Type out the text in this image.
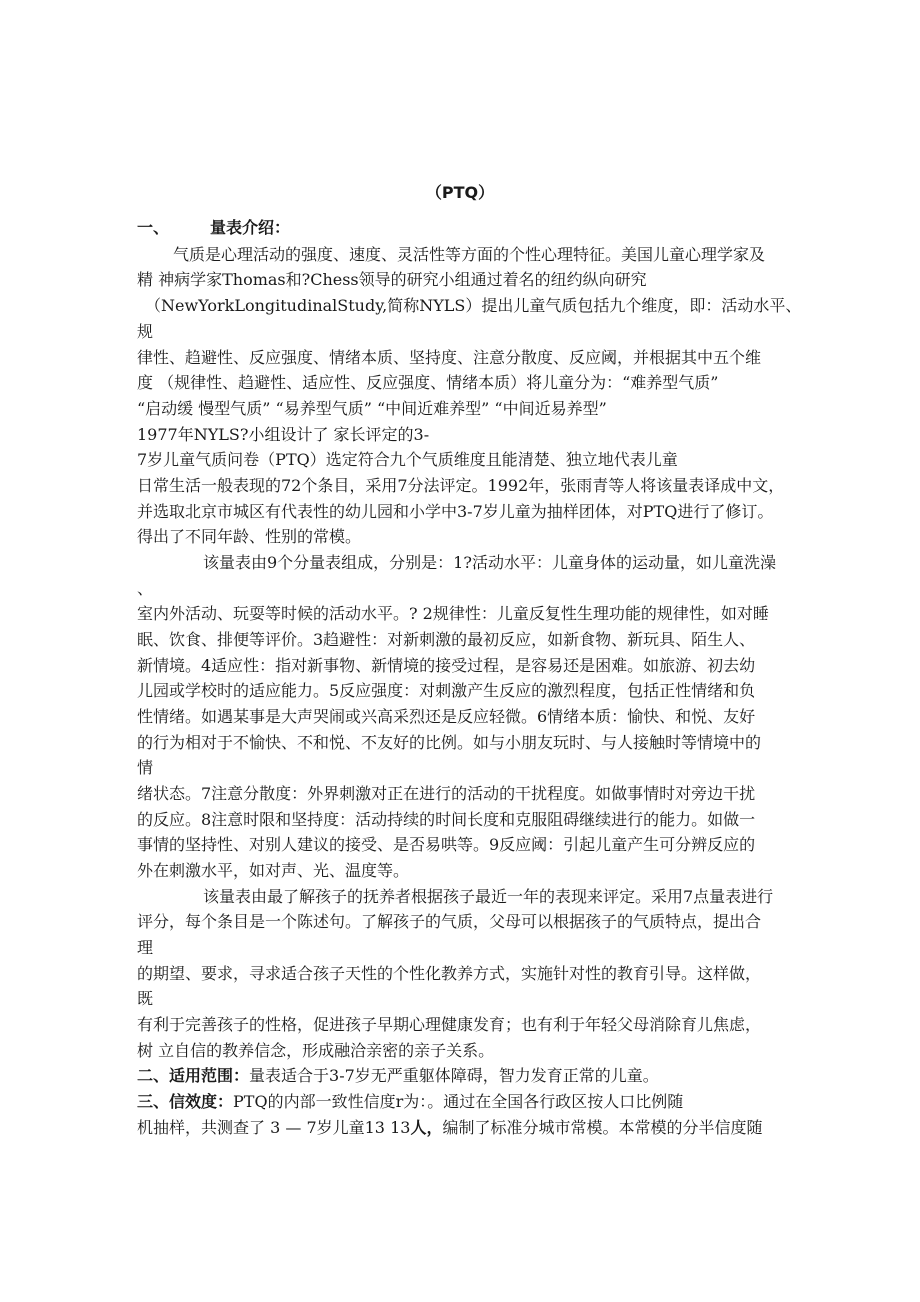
（PTQ）
一、	量表介绍：

气质是心理活动的强度、速度、灵活性等方面的个性心理特征。美国儿童心理学家及

精 神病学家Thomas和?Chess领导的研究小组通过着名的纽约纵向研究

（NewYorkLongitudinalStudy,简称NYLS）提出儿童气质包括九个维度，即：活动水平、

规

律性、趋避性、反应强度、情绪本质、坚持度、注意分散度、反应阈，并根据其中五个维

度 （规律性、趋避性、适应性、反应强度、情绪本质）将儿童分为：“难养型气质”

“启动缓 慢型气质” “易养型气质” “中间近难养型” “中间近易养型”

1977年NYLS?小组设计了 家长评定的3-

7岁儿童气质问卷（PTQ）选定符合九个气质维度且能清楚、独立地代表儿童

日常生活一般表现的72个条目，采用7分法评定。1992年，张雨青等人将该量表译成中文，

并选取北京市城区有代表性的幼儿园和小学中3-7岁儿童为抽样团体，对PTQ进行了修订。

得出了不同年龄、性别的常模。

该量表由9个分量表组成，分别是：1?活动水平：儿童身体的运动量，如儿童洗澡

、

室内外活动、玩耍等时候的活动水平。? 2规律性：儿童反复性生理功能的规律性，如对睡

眠、饮食、排便等评价。3趋避性：对新刺激的最初反应，如新食物、新玩具、陌生人、

新情境。4适应性：指对新事物、新情境的接受过程，是容易还是困难。如旅游、初去幼

儿园或学校时的适应能力。5反应强度：对刺激产生反应的激烈程度，包括正性情绪和负

性情绪。如遇某事是大声哭闹或兴高采烈还是反应轻微。6情绪本质：愉快、和悦、友好

的行为相对于不愉快、不和悦、不友好的比例。如与小朋友玩时、与人接触时等情境中的

情

绪状态。7注意分散度：外界刺激对正在进行的活动的干扰程度。如做事情时对旁边干扰

的反应。8注意时限和坚持度：活动持续的时间长度和克服阻碍继续进行的能力。如做一

事情的坚持性、对别人建议的接受、是否易哄等。9反应阈：引起儿童产生可分辨反应的

外在刺激水平，如对声、光、温度等。

该量表由最了解孩子的抚养者根据孩子最近一年的表现来评定。采用7点量表进行

评分，每个条目是一个陈述句。了解孩子的气质，父母可以根据孩子的气质特点，提出合

理

的期望、要求，寻求适合孩子天性的个性化教养方式，实施针对性的教育引导。这样做，

既

有利于完善孩子的性格，促进孩子早期心理健康发育；也有利于年轻父母消除育儿焦虑，

树 立自信的教养信念，形成融洽亲密的亲子关系。

二、适用范围：量表适合于3-7岁无严重躯体障碍，智力发育正常的儿童。

三、信效度：PTQ的内部一致性信度r为：。通过在全国各行政区按人口比例随

机抽样，共测查了 3 — 7岁儿童13 13人，编制了标准分城市常模。本常模的分半信度随
